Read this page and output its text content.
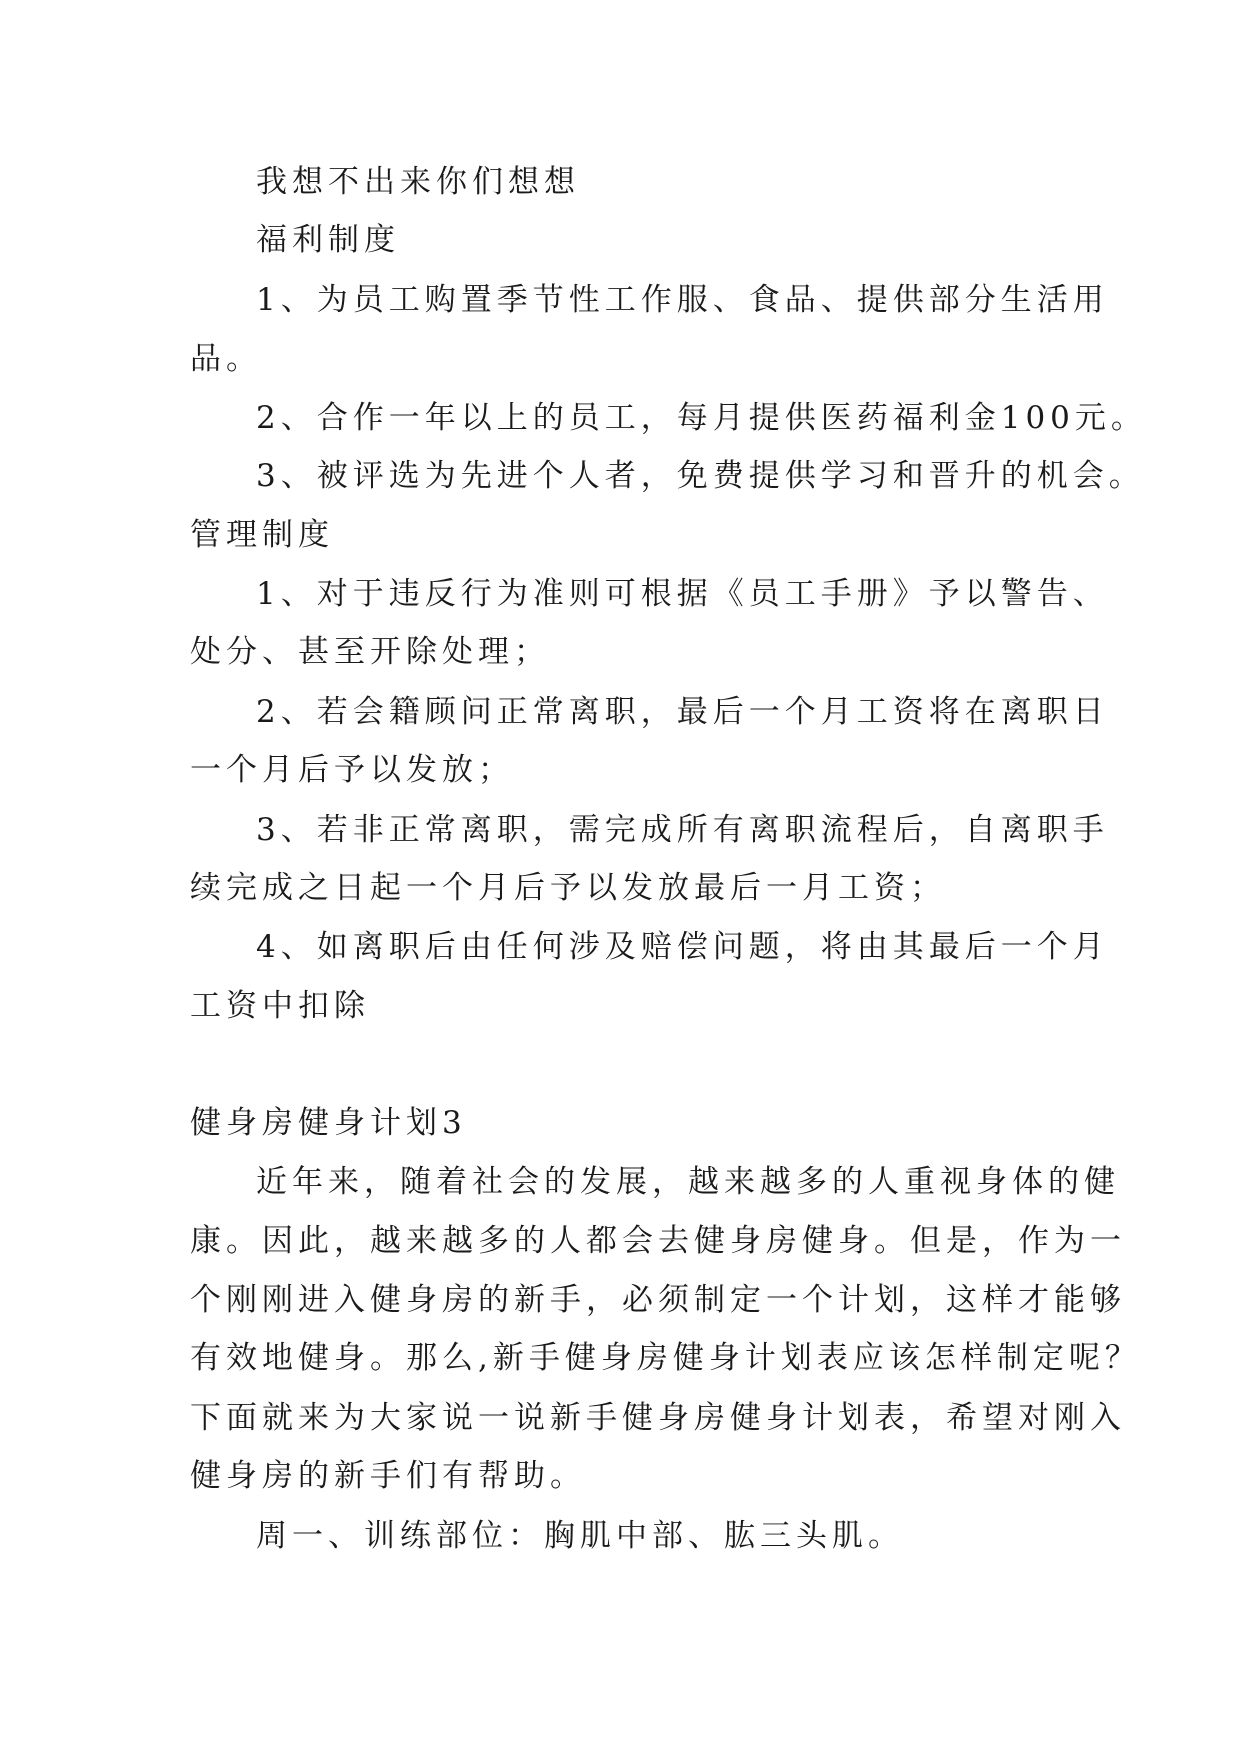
我想不出来你们想想
福利制度
1、为员工购置季节性工作服、食品、提供部分生活用
品。
2、合作一年以上的员工，每月提供医药福利金100元。
3、被评选为先进个人者，免费提供学习和晋升的机会。
管理制度
1、对于违反行为准则可根据《员工手册》予以警告、
处分、甚至开除处理；
2、若会籍顾问正常离职，最后一个月工资将在离职日
一个月后予以发放；
3、若非正常离职，需完成所有离职流程后，自离职手
续完成之日起一个月后予以发放最后一月工资；
4、如离职后由任何涉及赔偿问题，将由其最后一个月
工资中扣除
健身房健身计划3
近年来，随着社会的发展，越来越多的人重视身体的健
康。因此，越来越多的人都会去健身房健身。但是，作为一
个刚刚进入健身房的新手，必须制定一个计划，这样才能够
有效地健身。那么,新手健身房健身计划表应该怎样制定呢？
下面就来为大家说一说新手健身房健身计划表，希望对刚入
健身房的新手们有帮助。
周一、训练部位：胸肌中部、肱三头肌。
